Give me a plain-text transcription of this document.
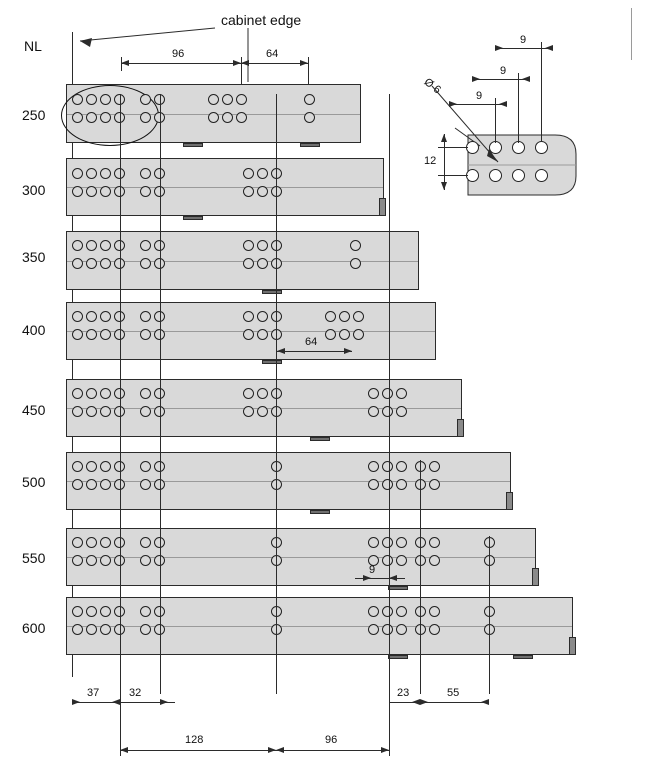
cabinet edge
NL	96	64
250
300
350
400
450
500
550
600
64
9
37	32	23	55
128	96
Ø 6
9
9
9
12
